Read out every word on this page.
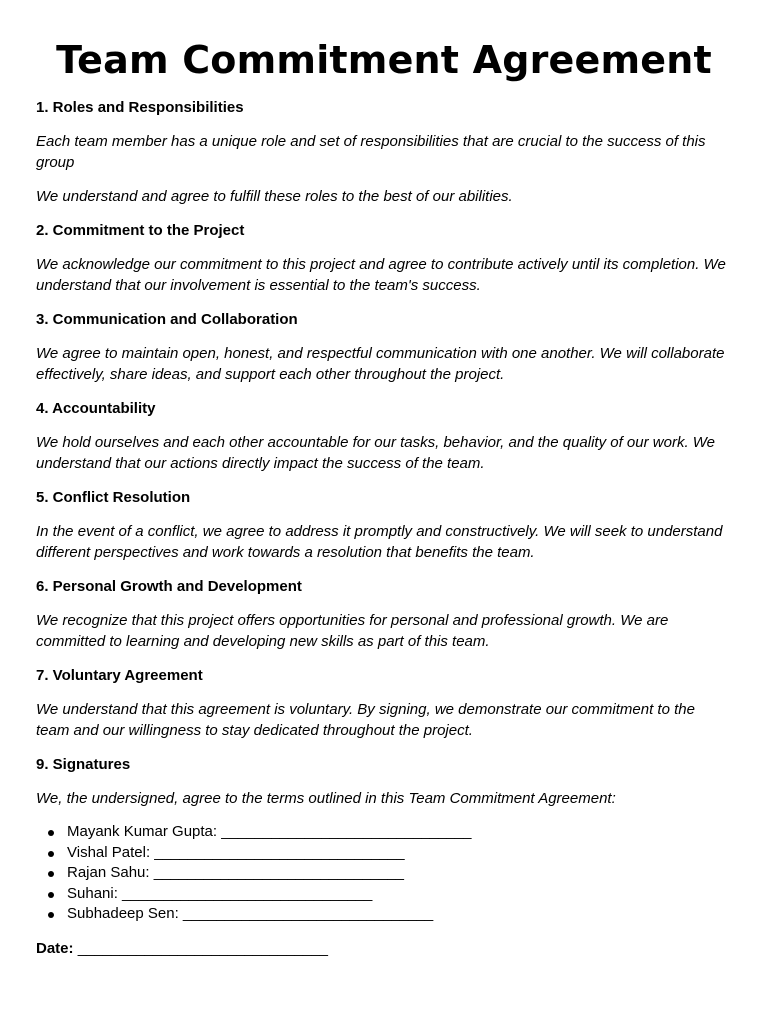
Team Commitment Agreement

1. Roles and Responsibilities

Each team member has a unique role and set of responsibilities that are crucial to the success of this group

We understand and agree to fulfill these roles to the best of our abilities.

2. Commitment to the Project

We acknowledge our commitment to this project and agree to contribute actively until its completion. We understand that our involvement is essential to the team's success.

3. Communication and Collaboration

We agree to maintain open, honest, and respectful communication with one another. We will collaborate effectively, share ideas, and support each other throughout the project.

4. Accountability

We hold ourselves and each other accountable for our tasks, behavior, and the quality of our work. We understand that our actions directly impact the success of the team.

5. Conflict Resolution

In the event of a conflict, we agree to address it promptly and constructively. We will seek to understand different perspectives and work towards a resolution that benefits the team.

6. Personal Growth and Development

We recognize that this project offers opportunities for personal and professional growth. We are committed to learning and developing new skills as part of this team.

7. Voluntary Agreement

We understand that this agreement is voluntary. By signing, we demonstrate our commitment to the team and our willingness to stay dedicated throughout the project.

9. Signatures

We, the undersigned, agree to the terms outlined in this Team Commitment Agreement:

Mayank Kumar Gupta: ______________________________
Vishal Patel: ______________________________
Rajan Sahu: ______________________________
Suhani: ______________________________
Subhadeep Sen: ______________________________

Date: ______________________________
